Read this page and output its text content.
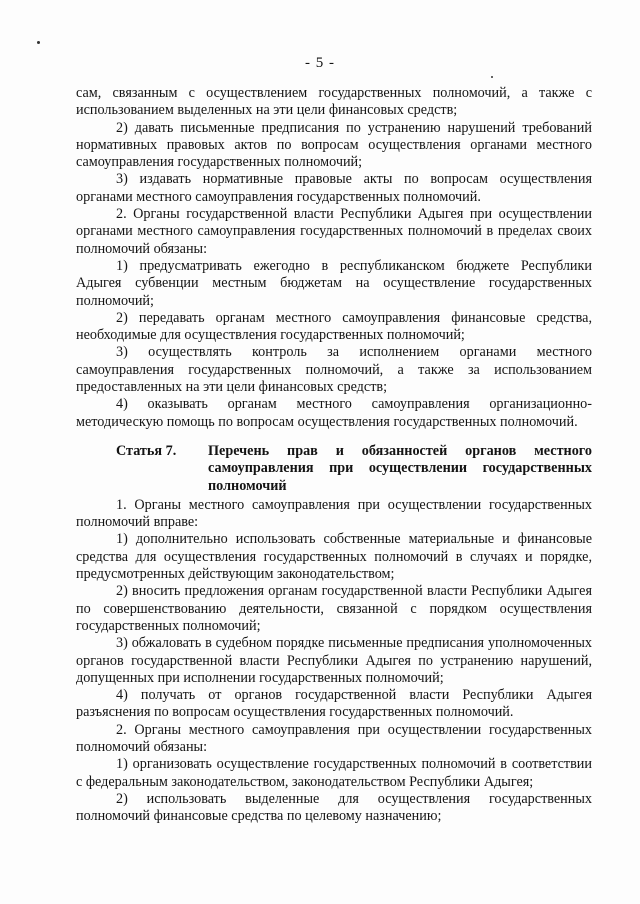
- 5 -

сам, связанным с осуществлением государственных полномочий, а также с использованием выделенных на эти цели финансовых средств;

2) давать письменные предписания по устранению нарушений требований нормативных правовых актов по вопросам осуществления органами местного самоуправления государственных полномочий;

3) издавать нормативные правовые акты по вопросам осуществления органами местного самоуправления государственных полномочий.

2. Органы государственной власти Республики Адыгея при осуществлении органами местного самоуправления государственных полномочий в пределах своих полномочий обязаны:

1) предусматривать ежегодно в республиканском бюджете Республики Адыгея субвенции местным бюджетам на осуществление государственных полномочий;

2) передавать органам местного самоуправления финансовые средства, необходимые для осуществления государственных полномочий;

3) осуществлять контроль за исполнением органами местного самоуправления государственных полномочий, а также за использованием предоставленных на эти цели финансовых средств;

4) оказывать органам местного самоуправления организационно-методическую помощь по вопросам осуществления государственных полномочий.

Статья 7.	Перечень прав и обязанностей органов местного самоуправления при осуществлении государственных полномочий

1. Органы местного самоуправления при осуществлении государственных полномочий вправе:

1) дополнительно использовать собственные материальные и финансовые средства для осуществления государственных полномочий в случаях и порядке, предусмотренных действующим законодательством;

2) вносить предложения органам государственной власти Республики Адыгея по совершенствованию деятельности, связанной с порядком осуществления государственных полномочий;

3) обжаловать в судебном порядке письменные предписания уполномоченных органов государственной власти Республики Адыгея по устранению нарушений, допущенных при исполнении государственных полномочий;

4) получать от органов государственной власти Республики Адыгея разъяснения по вопросам осуществления государственных полномочий.

2. Органы местного самоуправления при осуществлении государственных полномочий обязаны:

1) организовать осуществление государственных полномочий в соответствии с федеральным законодательством, законодательством Республики Адыгея;

2) использовать выделенные для осуществления государственных полномочий финансовые средства по целевому назначению;
